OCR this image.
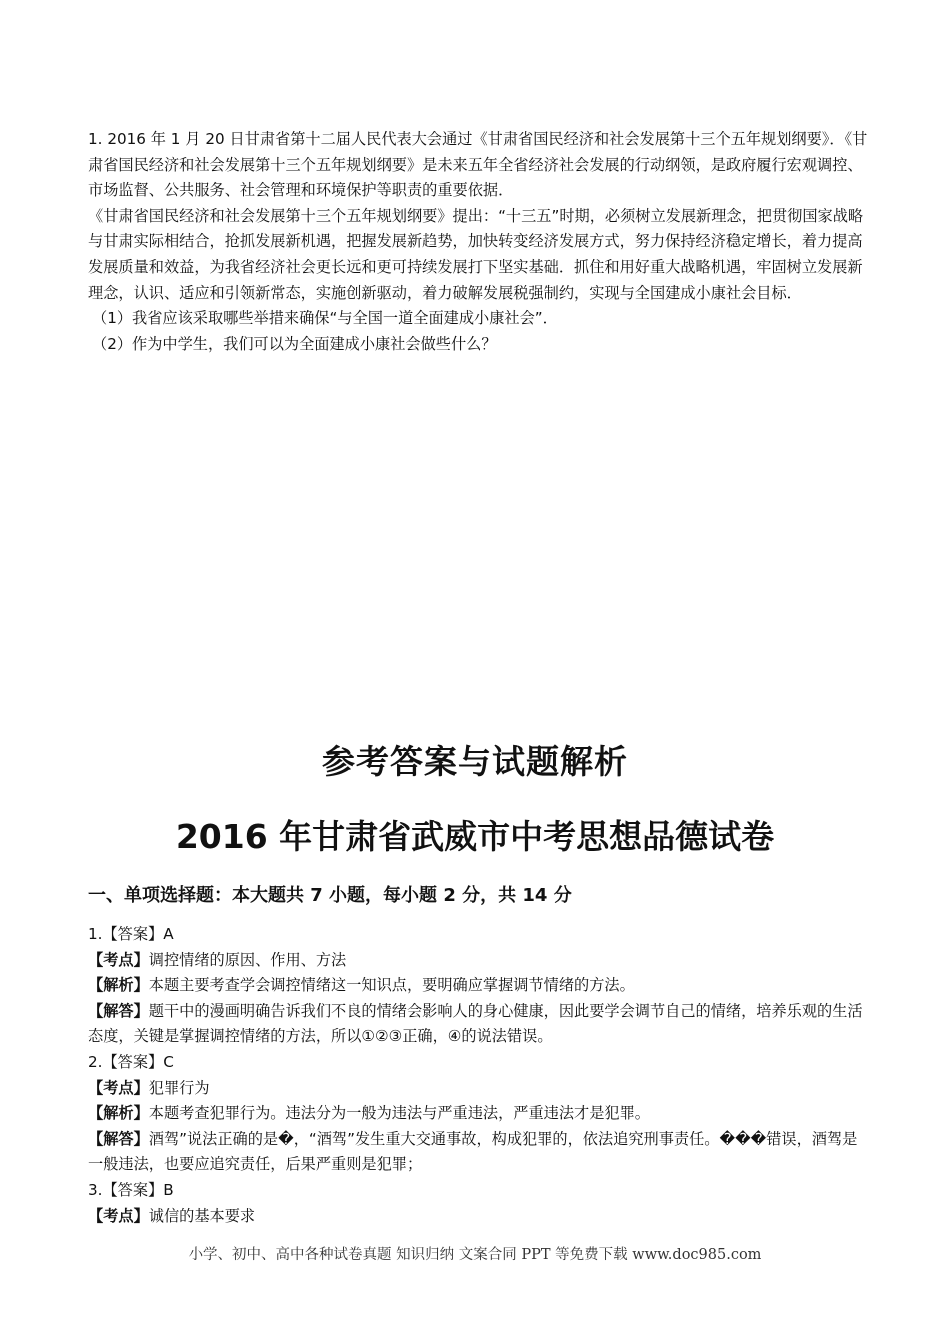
1. 2016 年 1 月 20 日甘肃省第十二届人民代表大会通过《甘肃省国民经济和社会发展第十三个五年规划纲要》．《甘肃省国民经济和社会发展第十三个五年规划纲要》是未来五年全省经济社会发展的行动纲领，是政府履行宏观调控、市场监督、公共服务、社会管理和环境保护等职责的重要依据．

《甘肃省国民经济和社会发展第十三个五年规划纲要》提出：“十三五”时期，必须树立发展新理念，把贯彻国家战略与甘肃实际相结合，抢抓发展新机遇，把握发展新趋势，加快转变经济发展方式，努力保持经济稳定增长，着力提高发展质量和效益，为我省经济社会更长远和更可持续发展打下坚实基础．抓住和用好重大战略机遇，牢固树立发展新理念，认识、适应和引领新常态，实施创新驱动，着力破解发展税强制约，实现与全国建成小康社会目标．

（1）我省应该采取哪些举措来确保“与全国一道全面建成小康社会”．

（2）作为中学生，我们可以为全面建成小康社会做些什么？

参考答案与试题解析
2016 年甘肃省武威市中考思想品德试卷
一、单项选择题：本大题共 7 小题，每小题 2 分，共 14 分

1.【答案】A

【考点】调控情绪的原因、作用、方法

【解析】本题主要考查学会调控情绪这一知识点，要明确应掌握调节情绪的方法。

【解答】题干中的漫画明确告诉我们不良的情绪会影响人的身心健康，因此要学会调节自己的情绪，培养乐观的生活态度，关键是掌握调控情绪的方法，所以①②③正确，④的说法错误。

2.【答案】C

【考点】犯罪行为

【解析】本题考查犯罪行为。违法分为一般为违法与严重违法，严重违法才是犯罪。

【解答】酒驾”说法正确的是�，“酒驾”发生重大交通事故，构成犯罪的，依法追究刑事责任。���错误，酒驾是一般违法，也要应追究责任，后果严重则是犯罪；

3.【答案】B

【考点】诚信的基本要求

小学、初中、高中各种试卷真题 知识归纳 文案合同 PPT 等免费下载 www.doc985.com
